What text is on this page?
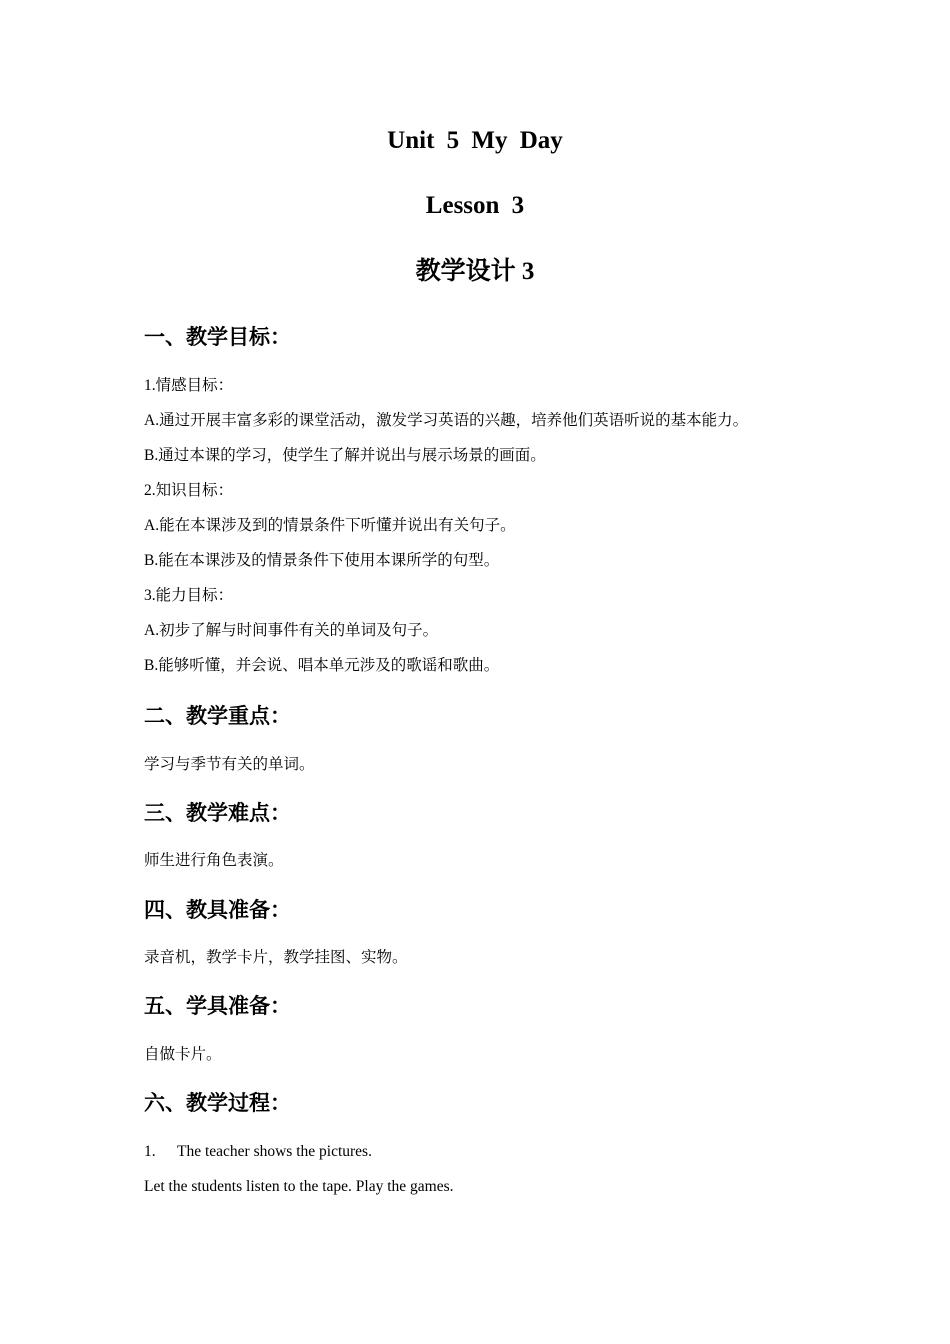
Unit 5 My Day
Lesson 3
教学设计 3
一、教学目标：

1.情感目标：

A.通过开展丰富多彩的课堂活动，激发学习英语的兴趣，培养他们英语听说的基本能力。

B.通过本课的学习，使学生了解并说出与展示场景的画面。

2.知识目标：

A.能在本课涉及到的情景条件下听懂并说出有关句子。

B.能在本课涉及的情景条件下使用本课所学的句型。

3.能力目标：

A.初步了解与时间事件有关的单词及句子。

B.能够听懂，并会说、唱本单元涉及的歌谣和歌曲。

二、教学重点：

学习与季节有关的单词。

三、教学难点：

师生进行角色表演。

四、教具准备：

录音机，教学卡片，教学挂图、实物。

五、学具准备：

自做卡片。

六、教学过程：

1. The teacher shows the pictures.

Let the students listen to the tape. Play the games.
